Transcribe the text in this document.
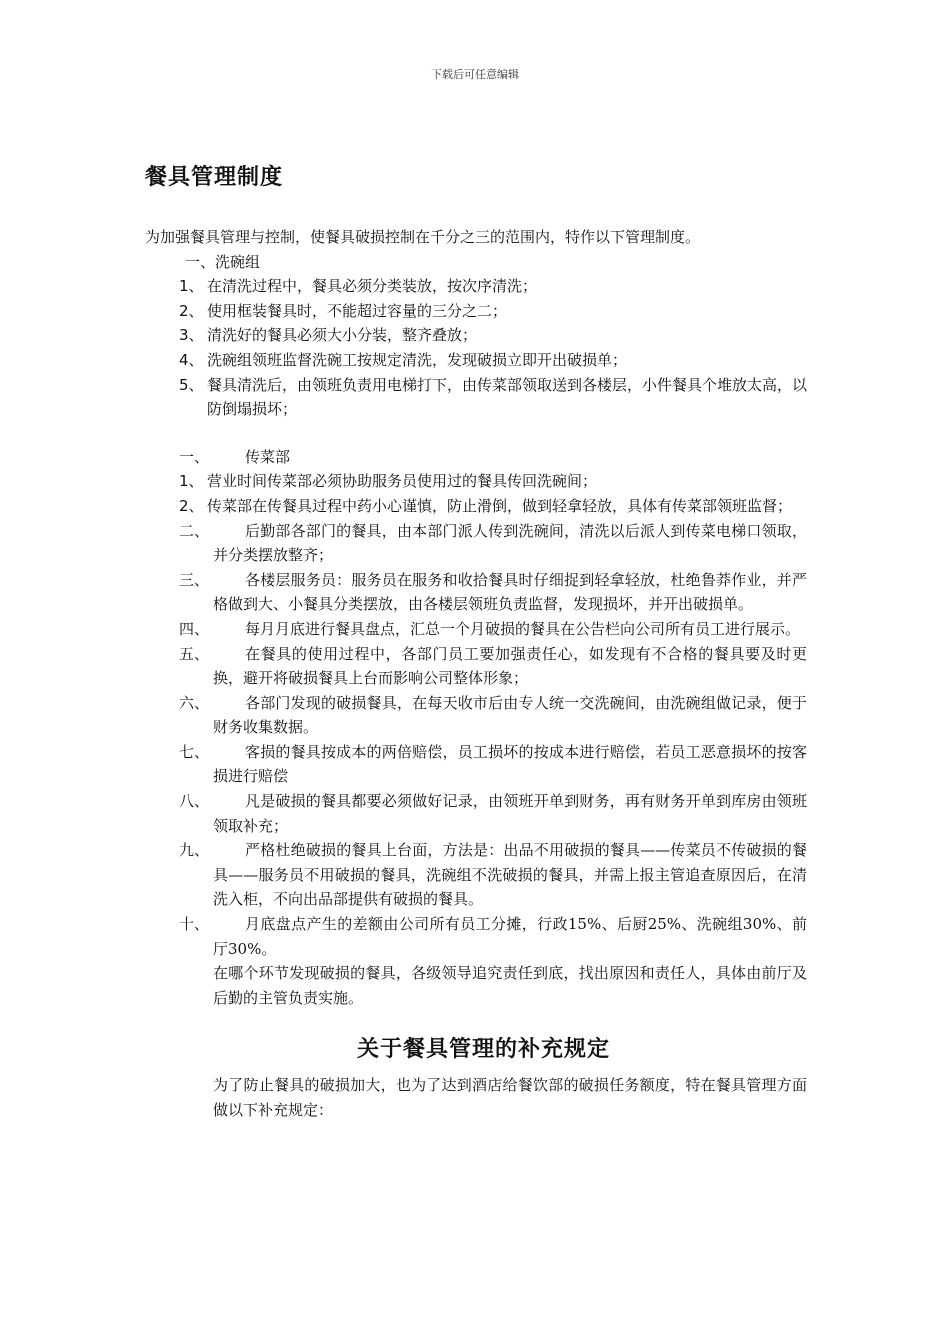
下载后可任意编辑
餐具管理制度

为加强餐具管理与控制，使餐具破损控制在千分之三的范围内，特作以下管理制度。

一、洗碗组

1、 在清洗过程中，餐具必须分类装放，按次序清洗；
2、 使用框装餐具时，不能超过容量的三分之二；
3、 清洗好的餐具必须大小分装，整齐叠放；
4、 洗碗组领班监督洗碗工按规定清洗，发现破损立即开出破损单；
5、 餐具清洗后，由领班负责用电梯打下，由传菜部领取送到各楼层，小件餐具个堆放太高，以防倒塌损坏；
一、	传菜部
1、 营业时间传菜部必须协助服务员使用过的餐具传回洗碗间；
2、 传菜部在传餐具过程中药小心谨慎，防止滑倒，做到轻拿轻放，具体有传菜部领班监督；
二、	后勤部各部门的餐具，由本部门派人传到洗碗间，清洗以后派人到传菜电梯口领取，并分类摆放整齐；
三、	各楼层服务员：服务员在服务和收拾餐具时仔细捉到轻拿轻放，杜绝鲁莽作业，并严格做到大、小餐具分类摆放，由各楼层领班负责监督，发现损坏，并开出破损单。
四、	每月月底进行餐具盘点，汇总一个月破损的餐具在公告栏向公司所有员工进行展示。
五、	在餐具的使用过程中，各部门员工要加强责任心，如发现有不合格的餐具要及时更换，避开将破损餐具上台而影响公司整体形象；
六、	各部门发现的破损餐具，在每天收市后由专人统一交洗碗间，由洗碗组做记录，便于财务收集数据。
七、	客损的餐具按成本的两倍赔偿，员工损坏的按成本进行赔偿，若员工恶意损坏的按客损进行赔偿
八、	凡是破损的餐具都要必须做好记录，由领班开单到财务，再有财务开单到库房由领班领取补充；
九、	严格杜绝破损的餐具上台面，方法是：出品不用破损的餐具——传菜员不传破损的餐具——服务员不用破损的餐具，洗碗组不洗破损的餐具，并需上报主管追查原因后，在清洗入柜，不向出品部提供有破损的餐具。
十、	月底盘点产生的差额由公司所有员工分摊，行政15%、后厨25%、洗碗组30%、前厅30%。

在哪个环节发现破损的餐具，各级领导追究责任到底，找出原因和责任人，具体由前厅及后勤的主管负责实施。

关于餐具管理的补充规定

为了防止餐具的破损加大，也为了达到酒店给餐饮部的破损任务额度，特在餐具管理方面做以下补充规定：
